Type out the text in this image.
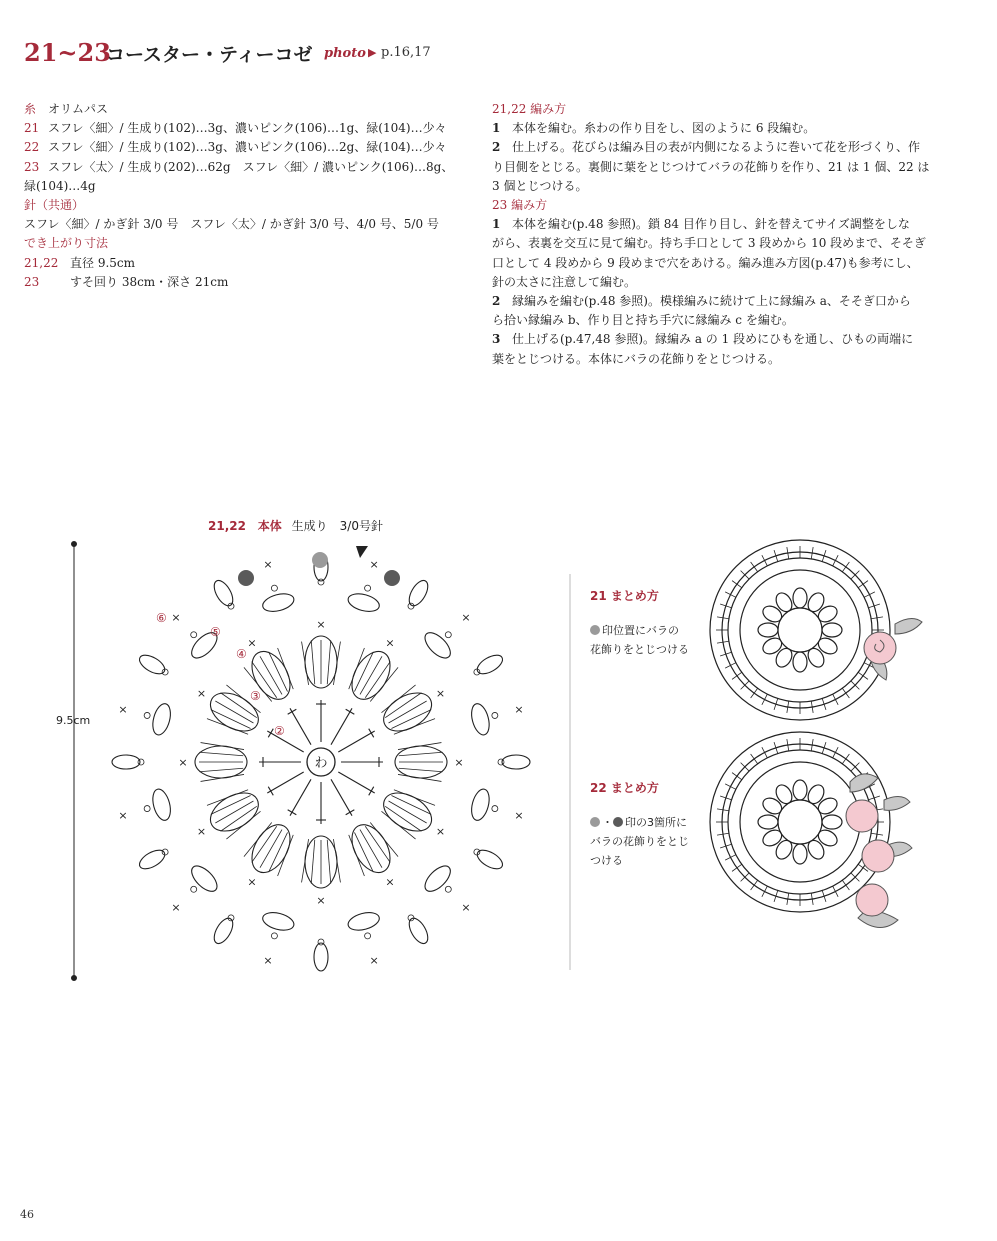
21~23
コースター・ティーコゼ photo ▶ p.16,17
糸 オリムパス
21 スフレ〈細〉/ 生成り(102)…3g、濃いピンク(106)…1g、緑(104)…少々
22 スフレ〈細〉/ 生成り(102)…3g、濃いピンク(106)…2g、緑(104)…少々
23 スフレ〈太〉/ 生成り(202)…62g　スフレ〈細〉/ 濃いピンク(106)…8g、
緑(104)…4g
針（共通）
スフレ〈細〉/ かぎ針 3/0 号　スフレ〈太〉/ かぎ針 3/0 号、4/0 号、5/0 号
でき上がり寸法
21,22 直径 9.5cm
23	すそ回り 38cm・深さ 21cm
21,22 編み方
1 本体を編む。糸わの作り目をし、図のように 6 段編む。
2 仕上げる。花びらは編み目の表が内側になるように巻いて花を形づくり、作
り目側をとじる。裏側に葉をとじつけてバラの花飾りを作り、21 は 1 個、22 は
3 個とじつける。
23 編み方
1 本体を編む(p.48 参照)。鎖 84 目作り目し、針を替えてサイズ調整をしな
がら、表裏を交互に見て編む。持ち手口として 3 段めから 10 段めまで、そそぎ
口として 4 段めから 9 段めまで穴をあける。編み進み方図(p.47)も参考にし、
針の太さに注意して編む。
2 縁編みを編む(p.48 参照)。模様編みに続けて上に縁編み a、そそぎ口から
ら拾い縁編み b、作り目と持ち手穴に縁編み c を編む。
3 仕上げる(p.47,48 参照)。縁編み a の 1 段めにひもを通し、ひもの両端に
葉をとじつける。本体にバラの花飾りをとじつける。
21,22 本体 生成り　3/0号針
9.5cm
×
×
×
×
×
×
×
×
×
×
×
×
×
×
×
×
×
×
×
×
×
×
×
×
②
③
④
⑤
⑥
わ
21 まとめ方
印位置にバラの
花飾りをとじつける
22 まとめ方
・ 印の3箇所に
バラの花飾りをとじ
つける
46
